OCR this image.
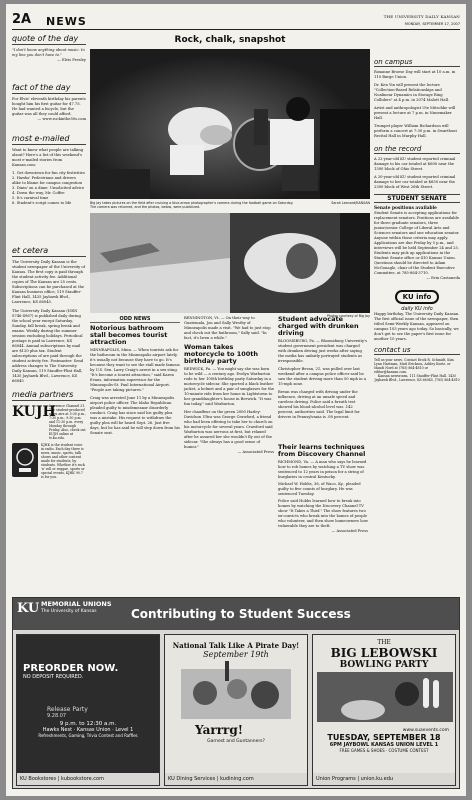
2A NEWS	THE UNIVERSITY DAILY KANSAN
MONDAY, SEPTEMBER 17, 2007
quote of the day

"I don't know anything about music. In my line you don't have to."

— Elvis Presley

fact of the day

For Elvis' eleventh birthday his parents bought him his first guitar for $7.75. He had wanted a bicycle, but the guitar was all they could afford.

— www.rockinthe50s.com

most e-mailed

Want to know what people are talking about? Here's a list of this weekend's most e-mailed stories from Kansan.com:

1. Get downtown for fun city festivities

2. Hawks' Pedestrians and drivers alike to blame for campus congestion

3. Dinin' on a dime: Unsolicited advice

4. Down the way, Mr. Coffee

5. It's carnival time

6. Student's script comes to life

et cetera

The University Daily Kansan is the student newspaper of the University of Kansas. The first copy is paid through the student activity fee. Additional copies of The Kansan are 25 cents. Subscriptions can be purchased at the Kansan business office, 119 Stauffer-Flint Hall, 1435 Jayhawk Blvd., Lawrence, KS 66045.

The University Daily Kansan (ISSN 0746-4967) is published daily during the school year except Saturday, Sunday, fall break, spring break and exams. Weekly during the summer session excluding holidays. Periodical postage is paid in Lawrence, KS 66044. Annual subscriptions by mail are $120 plus tax. Student subscriptions of are paid through the student activity fee. Postmaster: Send address changes to The University Daily Kansan, 119 Stauffer-Flint Hall, 1435 Jayhawk Blvd., Lawrence, KS 66045

media partners
KUJH

Lawrence Channel 31. The student-produced news airs at 5:30 p.m., 7:30 p.m., 9:30 p.m. and 11:30 p.m. every Monday through Friday. Also, check out KUJH online at tv.ku.edu.

KJHK is the student voice in radio. Each day there is news, music, sports, talk shows and other content made for students, by students. Whether it's rock 'n' roll or reggae, sports or special events, KJHK 90.7 is for you.

Rock, chalk, snapshot
Big Jay takes pictures on the field after cruising a blue-arrow photographer's camera during the football game on Saturday. The camera was returned, and the photos, below, were publicized.
Sarah Leonard/KANSAN
Photos courtesy of Big Jay
ODD NEWS
Notorious bathroom stall becomes tourist attraction

MINNEAPOLIS, Minn. — When tourists ask for the bathroom in the Minneapolis airport lately, it's usually not because they have to go. It's because they want to see the stall made famous by U.S. Sen. Larry Craig's arrest in a sex sting. "It's become a tourist attraction," said Karen Evans, information supervisor for the Minneapolis-St. Paul International Airport. "People are taking pictures."

Craig was arrested June 11 by a Minneapolis airport police officer. The Idaho Republican pleaded guilty to misdemeanor disorderly conduct. Craig has since said his guilty plea was a mistake. His request to withdraw the guilty plea will be heard Sept. 26. Just five days, but he has said he will step down from his Senate seat.

BENNINGTON, Vt. — On their way to Guatemala, Jon and Sally Westby of Minneapolis made a visit. "We had to just stop and check out the bathroom," Sally said. "In fact, it's been a while."

Woman takes motorcycle to 100th birthday party

REDWICK, Pa. — You might say she was born to be wild — a century ago. Evelyn Warburton rode to her 100th birthday party Saturday in a motorcycle sidecar. She sported a black leather jacket, a helmet and a pair of sunglasses for the 10-minute ride from her home in Lightstown to her granddaughter's house in Berwick. "It was fun today," said Warburton.

Her chauffeur on the green 2000 Harley-Davidson Ultra was George Crawford, a friend who had been offering to take her to church on his motorcycle for several years. Crawford said Warburton was nervous at first, but relaxed after he assured her she wouldn't fly out of the sidecar. "She always has a good sense of humor."

— Associated Press

Student advocate charged with drunken driving

BLOOMSBURG, Pa. — Bloomsburg University's student government president was charged with drunken driving just weeks after saying the media has unfairly portrayed students as irresponsible.

Christopher Bevan, 21, was pulled over last weekend after a campus police officer said he saw the student driving more than 50 mph in a 15-mph zone.

Bevan was charged with driving under the influence, driving at an unsafe speed and careless driving. Police said a breath test showed his blood-alcohol level was .142 percent, authorities said. The legal limit for drivers in Pennsylvania is .08 percent.

on campus

Roxanne Broese Day will start at 10 a.m. in 110 Burge Union.

Dr. Ken Yin will present the lecture "Collection-Based Relationships and Nonlinear Dynamics in Storage Ring Colliders" at 4 p.m. in 2074 Malott Hall.

Artist and anthropologist Ute Mitschke will present a lecture at 7 p.m. in Nunemaker Hall.

Trumpet player William Richardson will perform a concert at 7:30 p.m. in Swarthout Recital Hall in Murphy Hall.

on the record

A 22-year-old KU student reported criminal damage to his car totaled at $600 near the 1300 block of Ohio Street.

A 20-year-old KU student reported criminal damage to her car totaled at $650 near the 2300 block of West 26th Street.

STUDENT SENATE

Senate positions available

Student Senate is accepting applications for replacement senators. Positions are available for three graduate senators, three junior/senior College of Liberal Arts and Sciences senators and one education senator. Anyone within those criteria may apply. Applications are due Friday by 5 p.m., and interviews will be held September 24 and 25. Students may pick up applications in the Student Senate office or 410 Kansas Union. Questions should be directed to Adam McGonagle, chair of the Student Executive Committee, at 785-864-3710.

— Erin Castaneda

KU info

daily KU info

Happy birthday, The University Daily Kansan. The first official issue of the newspaper, then titled Semi-Weekly Kansan, appeared on campus 103 years ago today. So basically, we don't get to see the paper's first issue for another 10 years.

contact us

Tell us your news. Contact Erick R. Schmidt, Kim Lynn Hartman, Matt Erickson, Ashley Kurtz, or Mandi Nord at (785) 864-4810 or editor@kansan.com.

Kansan newsroom, 111 Stauffer-Flint Hall, 1435 Jayhawk Blvd., Lawrence, KS 66045, (785) 864-4810

KU MEMORIAL UNIONS
The University of Kansas	Contributing to Student Success
PREORDER NOW.
NO DEPOSIT REQUIRED.
Release Party
9.28.07
9 p.m. to 12:30 a.m.
Hawks Nest · Kansas Union · Level 1
Refreshments, Gaming, Trivia Contest and Raffles
KU Bookstores | kubookstore.com
National Talk Like A Pirate Day!
September 19th
Yarrrg!
Garnest and Guntanners?
KU Dining Services | kudining.com
THE
BIG LEBOWSKI
BOWLING PARTY
www.suaevents.com
TUESDAY, SEPTEMBER 18
6PM JAYBOWL KANSAS UNION LEVEL 1
FREE GAMES & SHOES · COSTUME CONTEST
Union Programs | union.ku.edu
Their learns techniques from Discovery Channel

RICHMOND, Va. — A man who says he learned how to rob homes by watching a TV show was sentenced to 12 years in prison for a string of burglaries in central Kentucky.

Michael W. Hobbs, 36, of Waco, Ky., pleaded guilty to five counts of burglary. He was sentenced Tuesday.

Police said Hobbs learned how to break into homes by watching the Discovery Channel TV show "It Takes a Thief." The show features two ex-convicts who break into the homes of people who volunteer, and then show homeowners how vulnerable they are to theft.

— Associated Press
